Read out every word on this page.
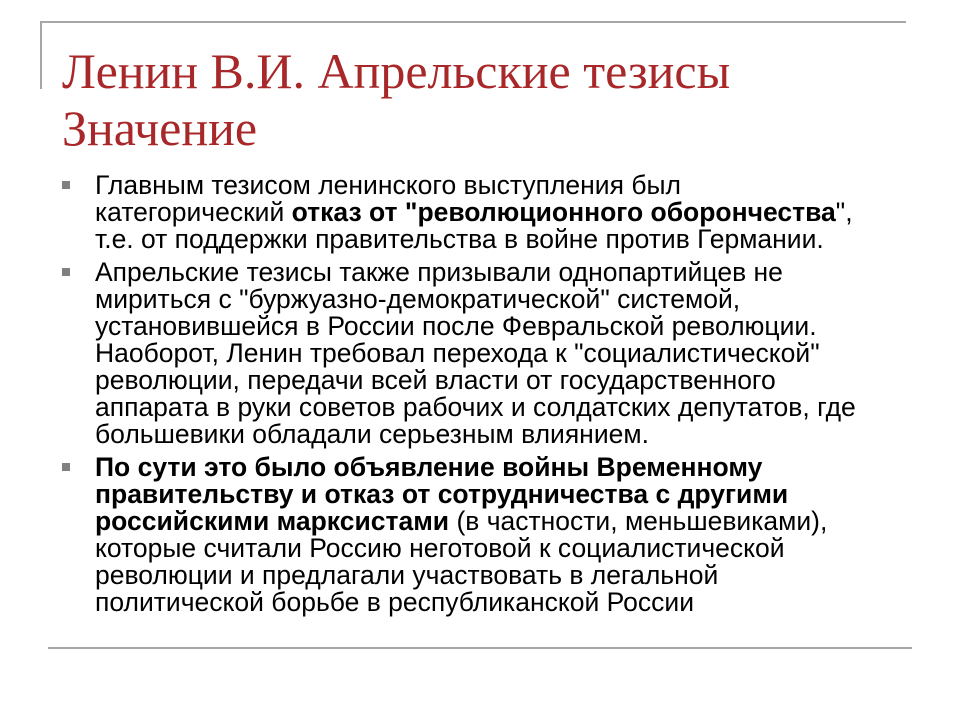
Ленин В.И. Апрельские тезисы
Значение
Главным тезисом ленинского выступления был
категорический отказ от "революционного оборончества",
т.е. от поддержки правительства в войне против Германии.
Апрельские тезисы также призывали однопартийцев не
мириться с "буржуазно-демократической" системой,
установившейся в России после Февральской революции.
Наоборот, Ленин требовал перехода к "социалистической"
революции, передачи всей власти от государственного
аппарата в руки советов рабочих и солдатских депутатов, где
большевики обладали серьезным влиянием.
По сути это было объявление войны Временному
правительству и отказ от сотрудничества с другими
российскими марксистами (в частности, меньшевиками),
которые считали Россию неготовой к социалистической
революции и предлагали участвовать в легальной
политической борьбе в республиканской России
